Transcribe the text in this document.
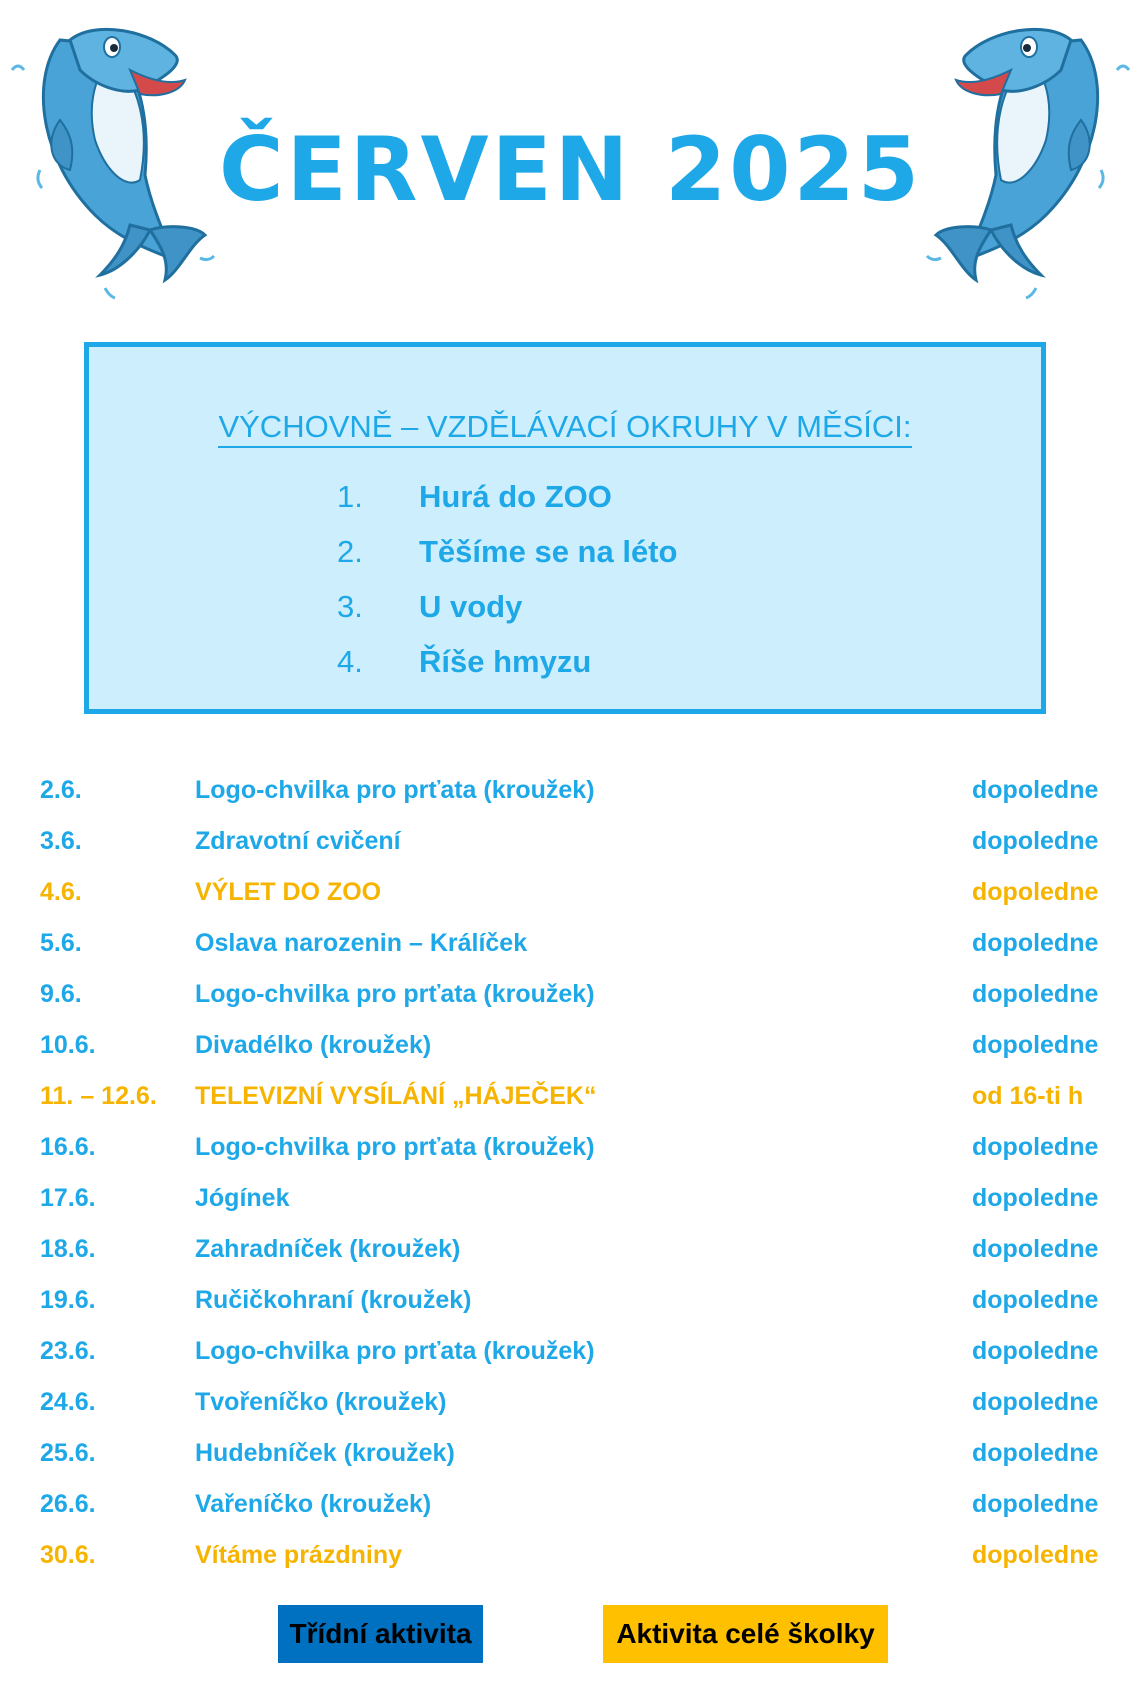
ČERVEN 2025
VÝCHOVNĚ – VZDĚLÁVACÍ OKRUHY V MĚSÍCI:
1. Hurá do ZOO
2. Těšíme se na léto
3. U vody
4. Říše hmyzu
2.6.	Logo-chvilka pro prťata (kroužek)	dopoledne
3.6.	Zdravotní cvičení	dopoledne
4.6.	VÝLET DO ZOO	dopoledne
5.6.	Oslava narozenin – Králíček	dopoledne
9.6.	Logo-chvilka pro prťata (kroužek)	dopoledne
10.6.	Divadélko (kroužek)	dopoledne
11. – 12.6. TELEVIZNÍ VYSÍLÁNÍ „HÁJEČEK“	od 16-ti h
16.6.	Logo-chvilka pro prťata (kroužek)	dopoledne
17.6.	Jógínek	dopoledne
18.6.	Zahradníček (kroužek)	dopoledne
19.6.	Ručičkohraní (kroužek)	dopoledne
23.6.	Logo-chvilka pro prťata (kroužek)	dopoledne
24.6.	Tvořeníčko (kroužek)	dopoledne
25.6.	Hudebníček (kroužek)	dopoledne
26.6.	Vařeníčko (kroužek)	dopoledne
30.6.	Vítáme prázdniny	dopoledne
Třídní aktivita	Aktivita celé školky
